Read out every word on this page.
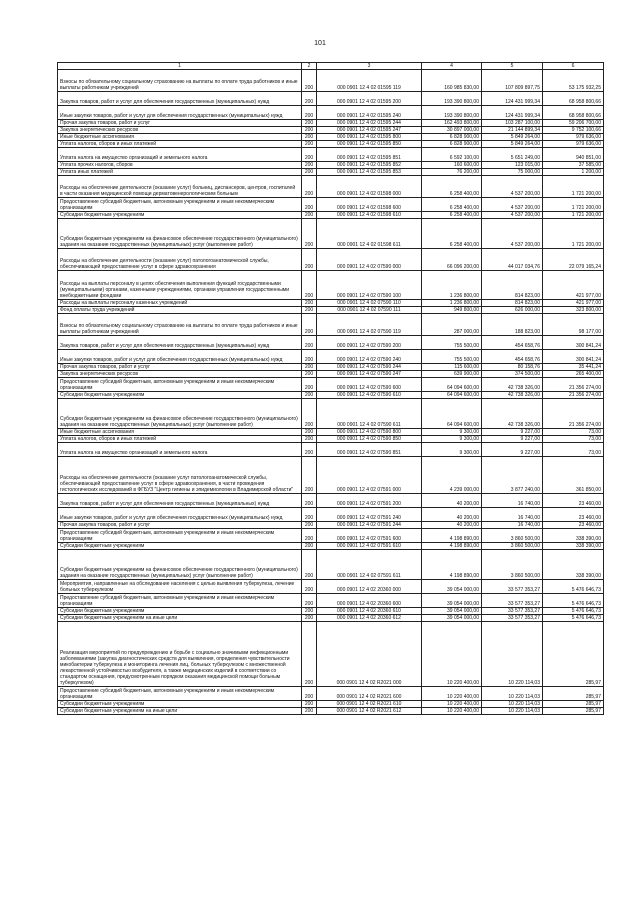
101
1	2	3	4	5	6
Взносы по обязательному социальному страхованию на выплаты по оплате труда работников и иные выплаты работникам учреждений	200	000 0901 12 4 02 01595 119	160 985 830,00	107 809 897,75	53 175 932,25
Закупка товаров, работ и услуг для обеспечения государственных (муниципальных) нужд	200	000 0901 12 4 02 01595 200	193 390 800,00	124 431 999,34	68 958 800,66
Иные закупки товаров, работ и услуг для обеспечения государственных (муниципальных) нужд	200	000 0901 12 4 02 01595 240	193 390 800,00	124 431 999,34	68 958 800,66
Прочая закупка товаров, работ и услуг	200	000 0901 12 4 02 01595 244	162 493 800,00	103 287 100,00	59 206 700,00
Закупка энергетических ресурсов	200	000 0901 12 4 02 01595 247	30 897 000,00	21 144 899,34	9 752 100,66
Иные бюджетные ассигнования	200	000 0901 12 4 02 01595 800	6 828 900,00	5 849 264,00	979 636,00
Уплата налогов, сборов и иных платежей	200	000 0901 12 4 02 01595 850	6 828 900,00	5 849 264,00	979 636,00
Уплата налога на имущество организаций и земельного налога	200	000 0901 12 4 02 01595 851	6 592 100,00	5 651 249,00	940 851,00
Уплата прочих налогов, сборов	200	000 0901 12 4 02 01595 852	160 600,00	123 015,00	37 585,00
Уплата иных платежей	200	000 0901 12 4 02 01595 853	76 200,00	75 000,00	1 200,00
Расходы на обеспечение деятельности (оказание услуг) больниц, диспансеров, центров, госпиталей в части оказания медицинской помощи дерматовенерологическим больным	200	000 0901 12 4 02 01598 000	6 258 400,00	4 537 200,00	1 721 200,00
Предоставление субсидий бюджетным, автономным учреждениям и иным некоммерческим организациям	200	000 0901 12 4 02 01598 600	6 258 400,00	4 537 200,00	1 721 200,00
Субсидии бюджетным учреждениям	200	000 0901 12 4 02 01598 610	6 258 400,00	4 537 200,00	1 721 200,00
Субсидии бюджетным учреждениям на финансовое обеспечение государственного (муниципального) задания на оказание государственных (муниципальных) услуг (выполнение работ)	200	000 0901 12 4 02 01598 611	6 258 400,00	4 537 200,00	1 721 200,00
Расходы на обеспечение деятельности (оказание услуг) патологоанатомической службы, обеспечивающей предоставление услуг в сфере здравоохранения	200	000 0901 12 4 02 07590 000	66 096 200,00	44 017 034,76	22 079 165,24
Расходы на выплаты персоналу в целях обеспечения выполнения функций государственными (муниципальными) органами, казенными учреждениями, органами управления государственными внебюджетными фондами	200	000 0901 12 4 02 07590 100	1 236 800,00	814 823,00	421 977,00
Расходы на выплаты персоналу казенных учреждений	200	000 0901 12 4 02 07590 110	1 236 800,00	814 823,00	421 977,00
Фонд оплаты труда учреждений	200	000 0901 12 4 02 07590 111	949 800,00	626 000,00	323 800,00
Взносы по обязательному социальному страхованию на выплаты по оплате труда работников и иные выплаты работникам учреждений	200	000 0901 12 4 02 07590 119	287 000,00	188 823,00	98 177,00
Закупка товаров, работ и услуг для обеспечения государственных (муниципальных) нужд	200	000 0901 12 4 02 07590 200	755 500,00	454 658,76	300 841,24
Иные закупки товаров, работ и услуг для обеспечения государственных (муниципальных) нужд	200	000 0901 12 4 02 07590 240	755 500,00	454 658,76	300 841,24
Прочая закупка товаров, работ и услуг	200	000 0901 12 4 02 07590 244	115 600,00	80 158,76	35 441,24
Закупка энергетических ресурсов	200	000 0901 12 4 02 07590 247	639 900,00	374 500,00	265 400,00
Предоставление субсидий бюджетным, автономным учреждениям и иным некоммерческим организациям	200	000 0901 12 4 02 07590 600	64 094 600,00	42 738 326,00	21 356 274,00
Субсидии бюджетным учреждениям	200	000 0901 12 4 02 07590 610	64 094 600,00	42 738 326,00	21 356 274,00
Субсидии бюджетным учреждениям на финансовое обеспечение государственного (муниципального) задания на оказание государственных (муниципальных) услуг (выполнение работ)	200	000 0901 12 4 02 07590 611	64 094 600,00	42 738 326,00	21 356 274,00
Иные бюджетные ассигнования	200	000 0901 12 4 02 07590 800	9 300,00	9 227,00	73,00
Уплата налогов, сборов и иных платежей	200	000 0901 12 4 02 07590 850	9 300,00	9 227,00	73,00
Уплата налога на имущество организаций и земельного налога	200	000 0901 12 4 02 07590 851	9 300,00	9 227,00	73,00
Расходы на обеспечение деятельности (оказание услуг патологоанатомической службы, обеспечивающей предоставление услуг в сфере здравоохранения, в части проведения гистологических исследований в ФГБУЗ "Центр гигиены и эпидемиологии в Владимирской области"	200	000 0901 12 4 02 07591 000	4 239 000,00	3 877 240,00	361 850,00
Закупка товаров, работ и услуг для обеспечения государственных (муниципальных) нужд	200	000 0901 12 4 02 07591 200	40 200,00	16 740,00	23 460,00
Иные закупки товаров, работ и услуг для обеспечения государственных (муниципальных) нужд	200	000 0901 12 4 02 07591 240	40 200,00	16 740,00	23 460,00
Прочая закупка товаров, работ и услуг	200	000 0901 12 4 02 07591 244	40 200,00	16 740,00	23 460,00
Предоставление субсидий бюджетным, автономным учреждениям и иным некоммерческим организациям	200	000 0901 12 4 02 07591 600	4 198 890,00	3 860 500,00	338 390,00
Субсидии бюджетным учреждениям	200	000 0901 12 4 02 07591 610	4 198 890,00	3 860 500,00	338 390,00
Субсидии бюджетным учреждениям на финансовое обеспечение государственного (муниципального) задания на оказание государственных (муниципальных) услуг (выполнение работ)	200	000 0901 12 4 02 07591 611	4 198 890,00	3 860 500,00	338 390,00
Мероприятия, направленные на обследование населения с целью выявления туберкулеза, лечение больных туберкулезом	200	000 0901 12 4 02 20360 000	39 054 000,00	33 577 353,27	5 476 646,73
Предоставление субсидий бюджетным, автономным учреждениям и иным некоммерческим организациям	200	000 0901 12 4 02 20360 600	39 054 000,00	33 577 353,27	5 476 646,73
Субсидии бюджетным учреждениям	200	000 0901 12 4 02 20360 610	39 054 000,00	33 577 353,27	5 476 646,73
Субсидии бюджетным учреждениям на иные цели	200	000 0901 12 4 02 20360 612	39 054 000,00	33 577 353,27	5 476 646,73
Реализация мероприятий по предупреждению и борьбе с социально значимыми инфекционными заболеваниями (закупка диагностических средств для выявления, определения чувствительности микобактерии туберкулеза и мониторинга лечения лиц, больных туберкулезом с множественной лекарственной устойчивостью возбудителя, а также медицинских изделий в соответствии со стандартом оснащения, предусмотренным порядком оказания медицинской помощи больным туберкулезом)	200	000 0901 12 4 02 R2021 000	10 220 400,00	10 220 114,03	285,97
Предоставление субсидий бюджетным, автономным учреждениям и иным некоммерческим организациям	200	000 0901 12 4 02 R2021 600	10 220 400,00	10 220 114,03	285,97
Субсидии бюджетным учреждениям	200	000 0901 12 4 02 R2021 610	10 220 400,00	10 220 114,03	285,97
Субсидии бюджетным учреждениям на иные цели	200	000 0901 12 4 02 R2021 612	10 220 400,00	10 220 114,03	285,97
